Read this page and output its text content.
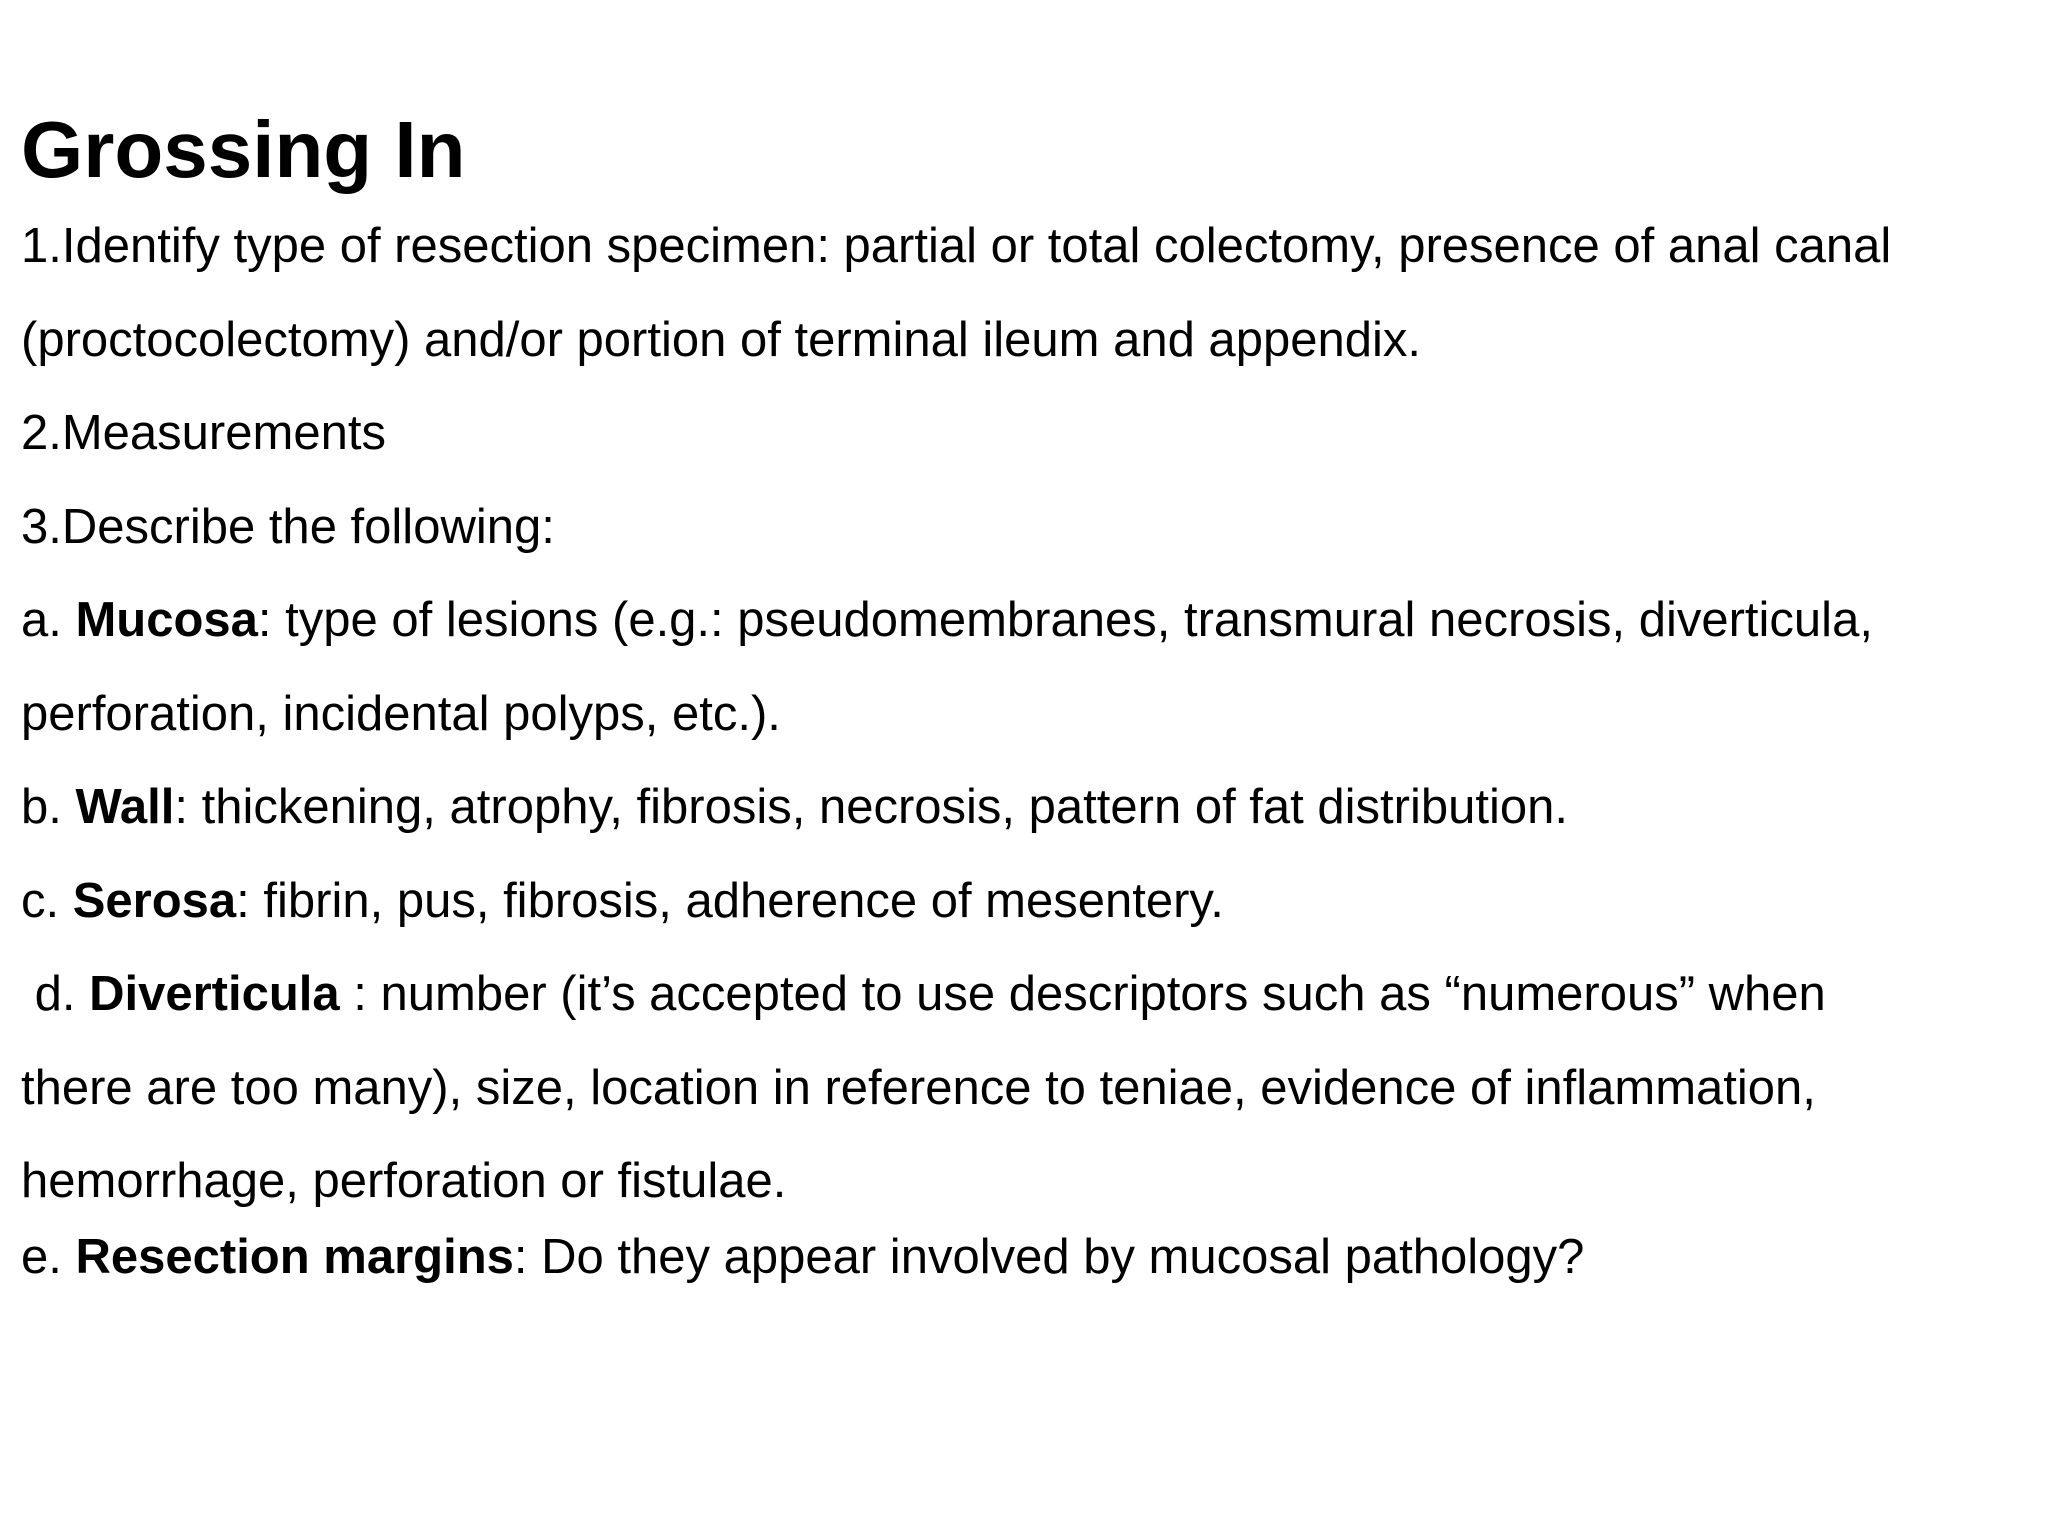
Grossing In

1.Identify type of resection specimen: partial or total colectomy, presence of anal canal

(proctocolectomy) and/or portion of terminal ileum and appendix.

2.Measurements

3.Describe the following:

a. Mucosa: type of lesions (e.g.: pseudomembranes, transmural necrosis, diverticula,

perforation, incidental polyps, etc.).

b. Wall: thickening, atrophy, fibrosis, necrosis, pattern of fat distribution.

c. Serosa: fibrin, pus, fibrosis, adherence of mesentery.

d. Diverticula : number (it’s accepted to use descriptors such as “numerous” when

there are too many), size, location in reference to teniae, evidence of inflammation,

hemorrhage, perforation or fistulae.

e. Resection margins: Do they appear involved by mucosal pathology?
